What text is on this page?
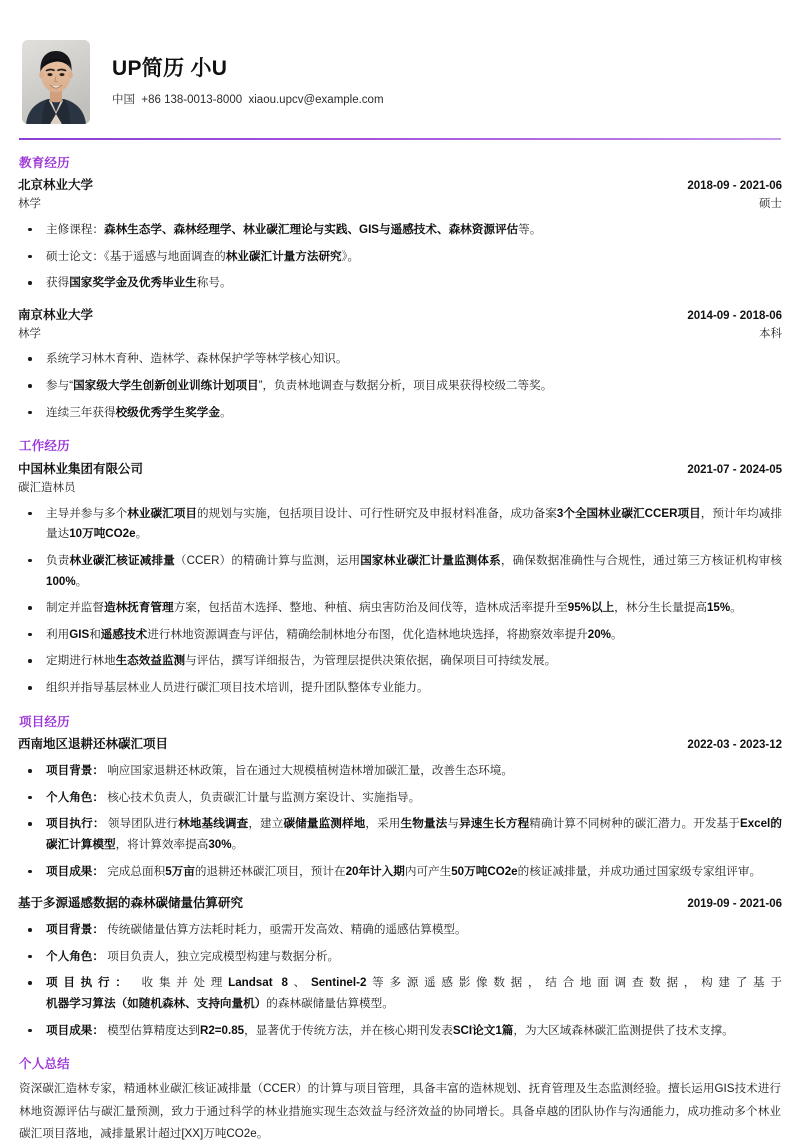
UP简历 小U
中国  +86 138-0013-8000  xiaou.upcv@example.com
教育经历
北京林业大学	2018-09 - 2021-06
林学	硕士
主修课程：森林生态学、森林经理学、林业碳汇理论与实践、GIS与遥感技术、森林资源评估等。
硕士论文：《基于遥感与地面调查的林业碳汇计量方法研究》。
获得国家奖学金及优秀毕业生称号。
南京林业大学	2014-09 - 2018-06
林学	本科
系统学习林木育种、造林学、森林保护学等林学核心知识。
参与“国家级大学生创新创业训练计划项目”，负责林地调查与数据分析，项目成果获得校级二等奖。
连续三年获得校级优秀学生奖学金。
工作经历
中国林业集团有限公司	2021-07 - 2024-05
碳汇造林员
主导并参与多个林业碳汇项目的规划与实施，包括项目设计、可行性研究及申报材料准备，成功备案3个全国林业碳汇CCER项目，预计年均减排量达10万吨CO2e。
负责林业碳汇核证减排量（CCER）的精确计算与监测，运用国家林业碳汇计量监测体系，确保数据准确性与合规性，通过第三方核证机构审核100%。
制定并监督造林抚育管理方案，包括苗木选择、整地、种植、病虫害防治及间伐等，造林成活率提升至95%以上，林分生长量提高15%。
利用GIS和遥感技术进行林地资源调查与评估，精确绘制林地分布图，优化造林地块选择，将勘察效率提升20%。
定期进行林地生态效益监测与评估，撰写详细报告，为管理层提供决策依据，确保项目可持续发展。
组织并指导基层林业人员进行碳汇项目技术培训，提升团队整体专业能力。
项目经历
西南地区退耕还林碳汇项目	2022-03 - 2023-12
项目背景： 响应国家退耕还林政策，旨在通过大规模植树造林增加碳汇量，改善生态环境。
个人角色： 核心技术负责人，负责碳汇计量与监测方案设计、实施指导。
项目执行： 领导团队进行林地基线调查，建立碳储量监测样地，采用生物量法与异速生长方程精确计算不同树种的碳汇潜力。开发基于Excel的碳汇计算模型，将计算效率提高30%。
项目成果： 完成总面积5万亩的退耕还林碳汇项目，预计在20年计入期内可产生50万吨CO2e的核证减排量，并成功通过国家级专家组评审。
基于多源遥感数据的森林碳储量估算研究	2019-09 - 2021-06
项目背景： 传统碳储量估算方法耗时耗力，亟需开发高效、精确的遥感估算模型。
个人角色： 项目负责人，独立完成模型构建与数据分析。
项目执行： 收集并处理Landsat 8、Sentinel-2等多源遥感影像数据，结合地面调查数据，构建了基于机器学习算法（如随机森林、支持向量机）的森林碳储量估算模型。
项目成果： 模型估算精度达到R2=0.85，显著优于传统方法，并在核心期刊发表SCI论文1篇，为大区域森林碳汇监测提供了技术支撑。
个人总结
资深碳汇造林专家，精通林业碳汇核证减排量（CCER）的计算与项目管理，具备丰富的造林规划、抚育管理及生态监测经验。擅长运用GIS技术进行林地资源评估与碳汇量预测，致力于通过科学的林业措施实现生态效益与经济效益的协同增长。具备卓越的团队协作与沟通能力，成功推动多个林业碳汇项目落地，减排量累计超过[XX]万吨CO2e。
